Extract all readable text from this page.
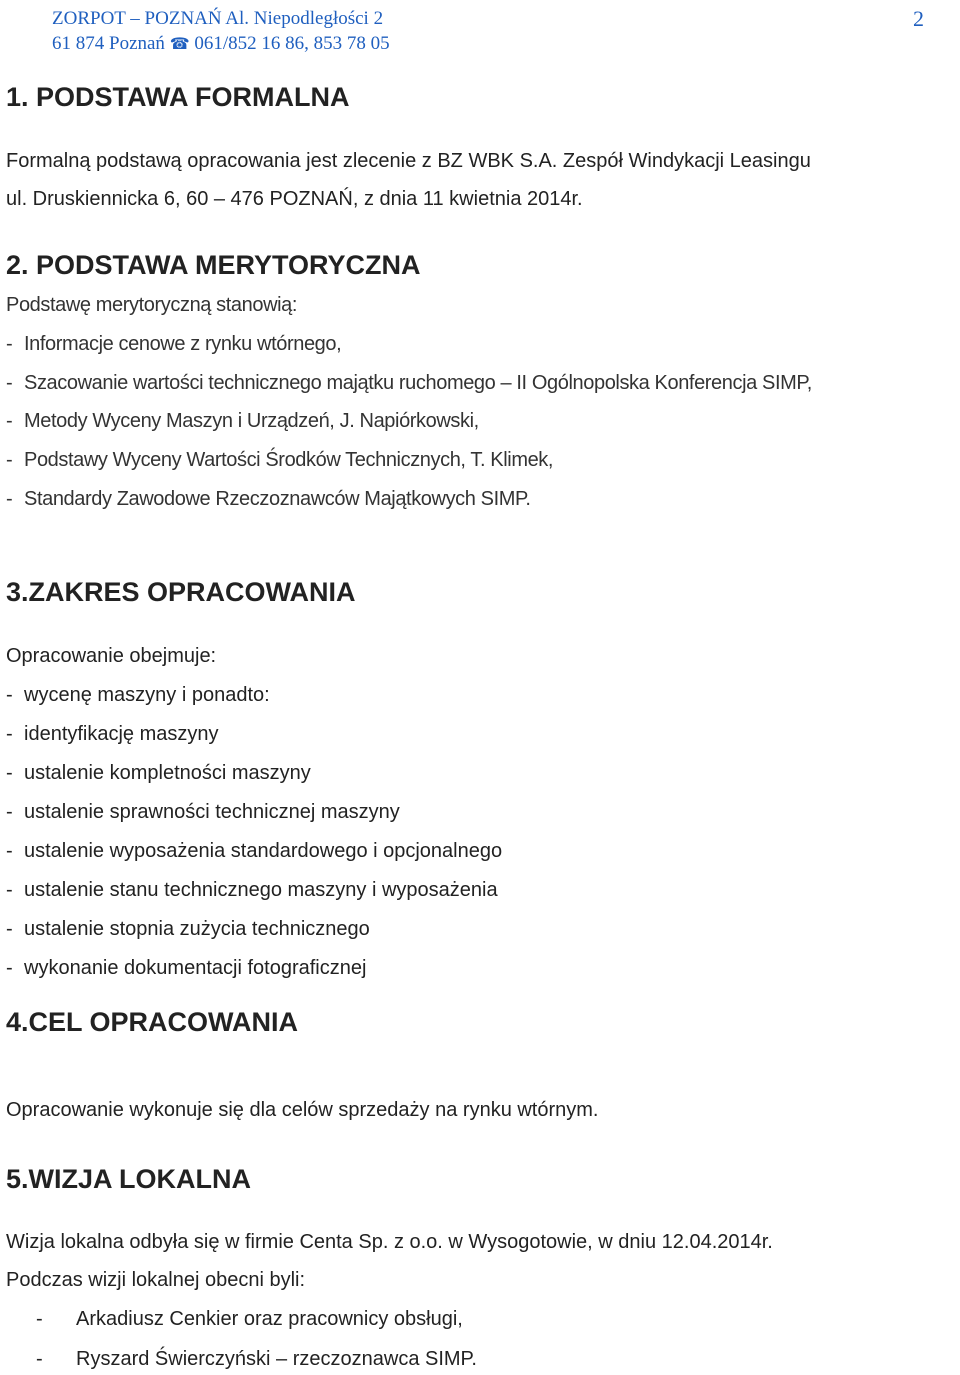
ZORPOT – POZNAŃ Al. Niepodległości 2
61 874 Poznań ☎ 061/852 16 86, 853 78 05
2
1. PODSTAWA FORMALNA
Formalną podstawą opracowania jest zlecenie z BZ WBK S.A. Zespół Windykacji Leasingu
ul. Druskiennicka 6, 60 – 476 POZNAŃ, z dnia 11 kwietnia 2014r.
2. PODSTAWA MERYTORYCZNA
Podstawę merytoryczną stanowią:
- Informacje cenowe z rynku wtórnego,
- Szacowanie wartości technicznego majątku ruchomego – II Ogólnopolska Konferencja SIMP,
- Metody Wyceny Maszyn i Urządzeń, J. Napiórkowski,
- Podstawy Wyceny Wartości Środków Technicznych, T. Klimek,
- Standardy Zawodowe Rzeczoznawców Majątkowych SIMP.
3.ZAKRES OPRACOWANIA
Opracowanie obejmuje:
- wycenę maszyny i ponadto:
- identyfikację maszyny
- ustalenie kompletności maszyny
- ustalenie sprawności technicznej maszyny
- ustalenie wyposażenia standardowego i opcjonalnego
- ustalenie stanu technicznego maszyny i wyposażenia
- ustalenie stopnia zużycia technicznego
- wykonanie dokumentacji fotograficznej
4.CEL OPRACOWANIA
Opracowanie wykonuje się dla celów sprzedaży na rynku wtórnym.
5.WIZJA LOKALNA
Wizja lokalna odbyła się w firmie Centa Sp. z o.o. w Wysogotowie, w dniu 12.04.2014r.
Podczas wizji lokalnej obecni byli:
- Arkadiusz Cenkier oraz pracownicy obsługi,
- Ryszard Świerczyński – rzeczoznawca SIMP.
